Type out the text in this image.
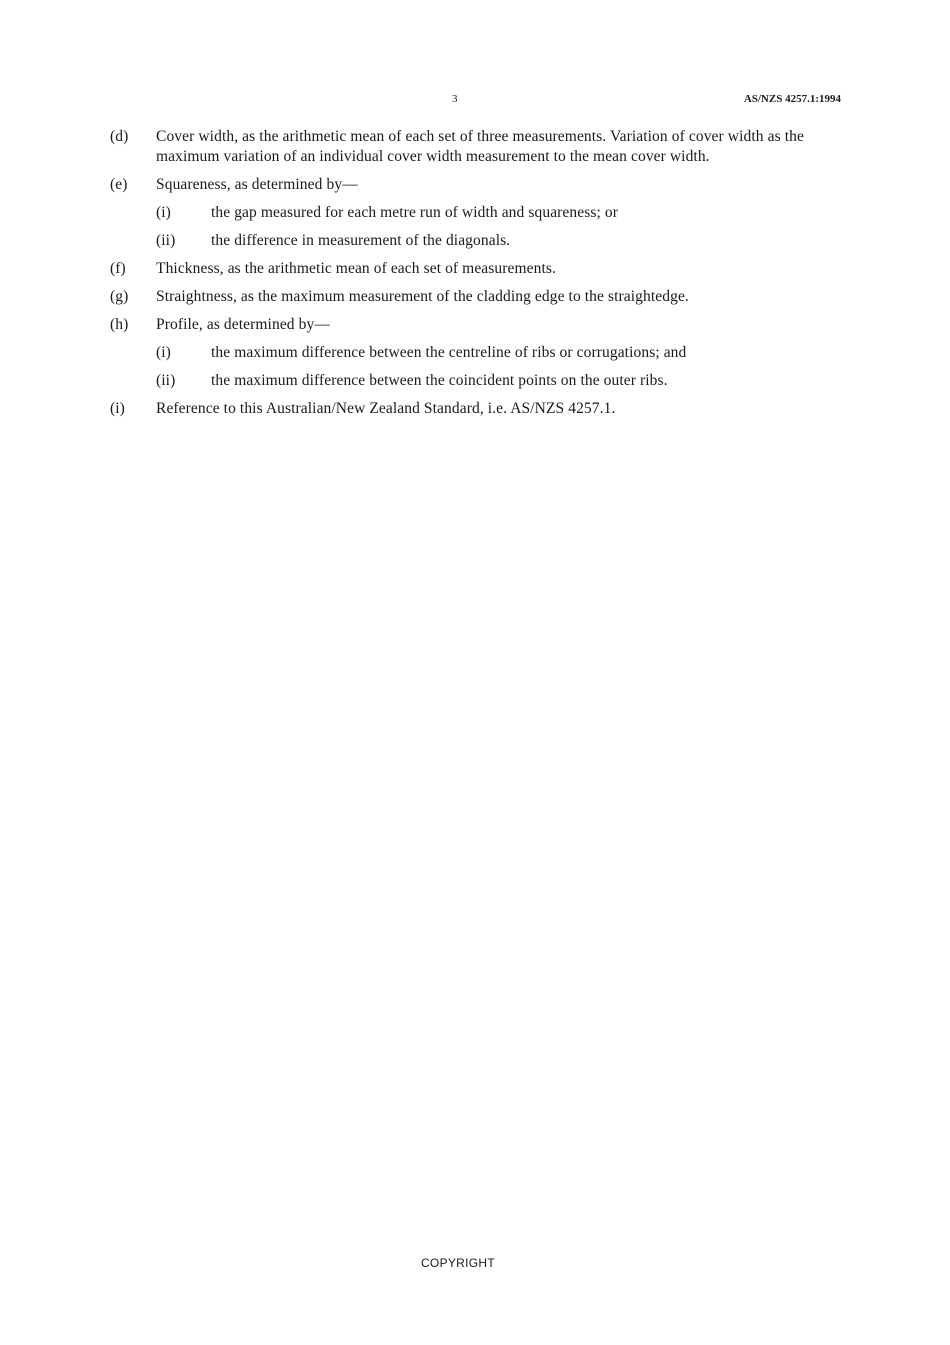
3	AS/NZS 4257.1:1994
(d)	Cover width, as the arithmetic mean of each set of three measurements. Variation of cover width as the maximum variation of an individual cover width measurement to the mean cover width.
(e)	Squareness, as determined by—
(i)	the gap measured for each metre run of width and squareness; or
(ii)	the difference in measurement of the diagonals.
(f)	Thickness, as the arithmetic mean of each set of measurements.
(g)	Straightness, as the maximum measurement of the cladding edge to the straightedge.
(h)	Profile, as determined by—
(i)	the maximum difference between the centreline of ribs or corrugations; and
(ii)	the maximum difference between the coincident points on the outer ribs.
(i)	Reference to this Australian/New Zealand Standard, i.e. AS/NZS 4257.1.
COPYRIGHT
